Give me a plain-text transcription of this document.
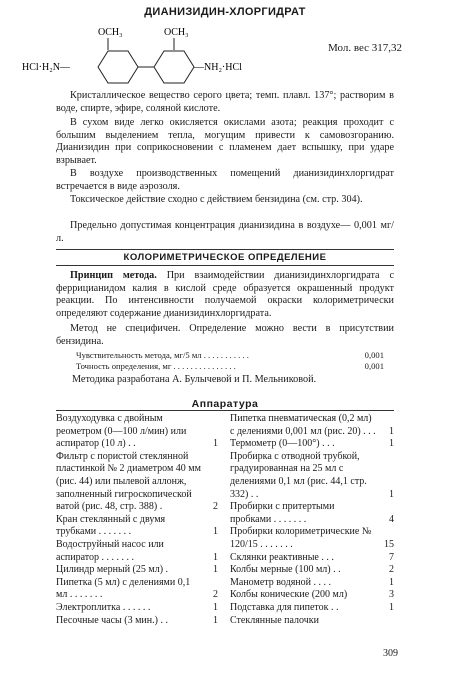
ДИАНИЗИДИН-ХЛОРГИДРАТ
OCH₃	OCH₃
HCl·H₂N—	—NH₂·HCl
Мол. вес 317,32
Кристаллическое вещество серого цвета; темп. плавл. 137°; растворим в воде, спирте, эфире, соляной кислоте.
В сухом виде легко окисляется окислами азота; реакция проходит с большим выделением тепла, могущим привести к самовозгоранию. Дианизидин при соприкосновении с пламенем дает вспышку, при ударе взрывает.
В воздухе производственных помещений дианизидинхлоргидрат встречается в виде аэрозоля.
Токсическое действие сходно с действием бензидина (см. стр. 304).
Предельно допустимая концентрация дианизидина в воздухе— 0,001 мг/л.
КОЛОРИМЕТРИЧЕСКОЕ ОПРЕДЕЛЕНИЕ
Принцип метода. При взаимодействии дианизидинхлоргидрата с феррицианидом калия в кислой среде образуется окрашенный продукт реакции. По интенсивности получаемой окраски колориметрически определяют содержание дианизидинхлоргидрата.
Метод не специфичен. Определение можно вести в присутствии бензидина.
Чувствительность метода, мг/5 мл . . . . . . . . . . .	0,001
Точность определения, мг . . . . . . . . . . . . . . .	0,001
Методика разработана А. Булычевой и П. Мельниковой.
Аппаратура
Воздуходувка с двойным реометром (0—100 л/мин) или аспиратор (10 л) . .	1
Фильтр с пористой стеклянной пластинкой № 2 диаметром 40 мм (рис. 44) или пылевой аллонж, заполненный гигроскопической ватой (рис. 48, стр. 388) .	2
Кран стеклянный с двумя трубками . . . . . . .	1
Водоструйный насос или аспиратор . . . . . . .	1
Цилиндр мерный (25 мл) .	1
Пипетка (5 мл) с делениями 0,1 мл . . . . . . .	2
Электроплитка . . . . . .	1
Песочные часы (3 мин.) . .	1
Пипетка пневматическая (0,2 мл) с делениями 0,001 мл (рис. 20) . . . 1
Термометр (0—100°) . . .	1
Пробирка с отводной трубкой, градуированная на 25 мл с делениями 0,1 мл (рис. 44,1 стр. 332) . .	1
Пробирки с притертыми пробками . . . . . . .	4
Пробирки колориметрические № 120/15 . . . . . . .	15
Склянки реактивные . . .	7
Колбы мерные (100 мл) . .	2
Манометр водяной . . . .	1
Колбы конические (200 мл)	3
Подставка для пипеток . .	1
Стеклянные палочки
309
